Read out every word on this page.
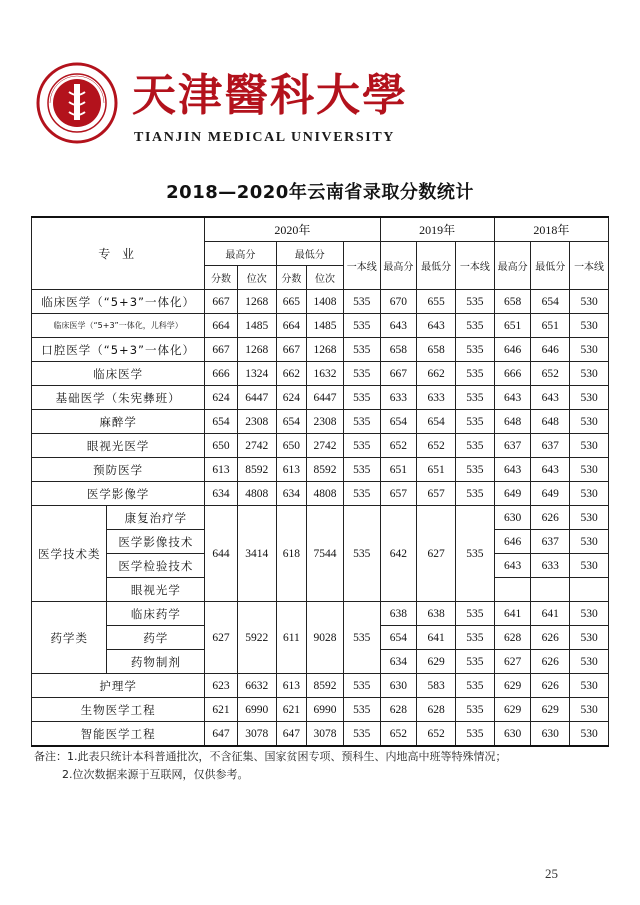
天津醫科大學
TIANJIN MEDICAL UNIVERSITY
2018—2020年云南省录取分数统计
专 业		2020年					2019年			2018年		
		最高分		最低分		一本线	最高分	最低分	一本线	最高分	最低分	一本线
		分数	位次	分数	位次							
临床医学（“5+3”一体化）		667	1268	665	1408	535	670	655	535	658	654	530
临床医学（“5+3”一体化，儿科学）		664	1485	664	1485	535	643	643	535	651	651	530
口腔医学（“5+3”一体化）		667	1268	667	1268	535	658	658	535	646	646	530
临床医学		666	1324	662	1632	535	667	662	535	666	652	530
基础医学（朱宪彝班）		624	6447	624	6447	535	633	633	535	643	643	530
麻醉学		654	2308	654	2308	535	654	654	535	648	648	530
眼视光医学		650	2742	650	2742	535	652	652	535	637	637	530
预防医学		613	8592	613	8592	535	651	651	535	643	643	530
医学影像学		634	4808	634	4808	535	657	657	535	649	649	530
医学技术类	康复治疗学	644	3414	618	7544	535	642	627	535	630	626	530
	医学影像技术									646	637	530
	医学检验技术									643	633	530
	眼视光学											
药学类	临床药学	627	5922	611	9028	535	638	638	535	641	641	530
	药学						654	641	535	628	626	530
	药物制剂						634	629	535	627	626	530
护理学		623	6632	613	8592	535	630	583	535	629	626	530
生物医学工程		621	6990	621	6990	535	628	628	535	629	629	530
智能医学工程		647	3078	647	3078	535	652	652	535	630	630	530
备注：1.此表只统计本科普通批次，不含征集、国家贫困专项、预科生、内地高中班等特殊情况；
2.位次数据来源于互联网，仅供参考。
25
